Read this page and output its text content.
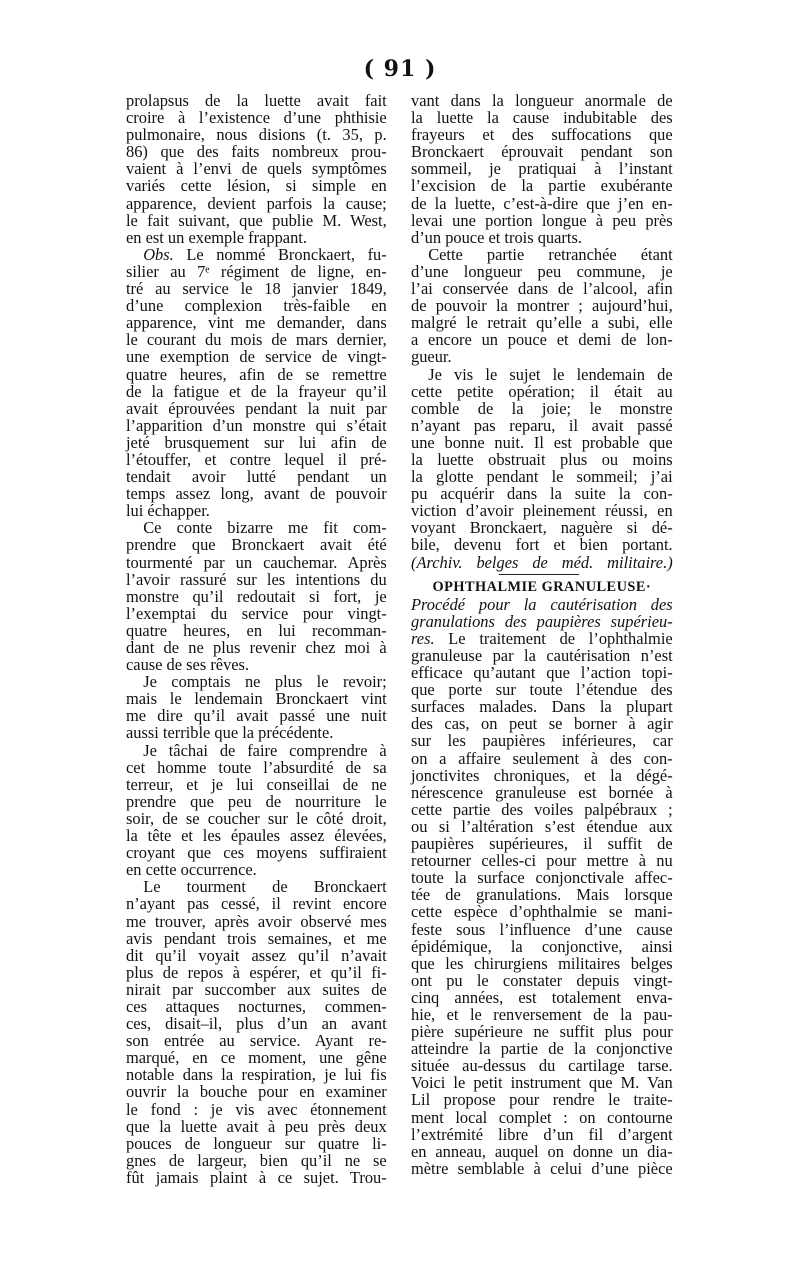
( 91 )
prolapsus de la luette avait fait
croire à l’existence d’une phthisie
pulmonaire, nous disions (t. 35, p.
86) que des faits nombreux prou-
vaient à l’envi de quels symptômes
variés cette lésion, si simple en
apparence, devient parfois la cause;
le fait suivant, que publie M. West,
en est un exemple frappant.
Obs. Le nommé Bronckaert, fu-
silier au 7ᵉ régiment de ligne, en-
tré au service le 18 janvier 1849,
d’une complexion très-faible en
apparence, vint me demander, dans
le courant du mois de mars dernier,
une exemption de service de vingt-
quatre heures, afin de se remettre
de la fatigue et de la frayeur qu’il
avait éprouvées pendant la nuit par
l’apparition d’un monstre qui s’était
jeté brusquement sur lui afin de
l’étouffer, et contre lequel il pré-
tendait avoir lutté pendant un
temps assez long, avant de pouvoir
lui échapper.
Ce conte bizarre me fit com-
prendre que Bronckaert avait été
tourmenté par un cauchemar. Après
l’avoir rassuré sur les intentions du
monstre qu’il redoutait si fort, je
l’exemptai du service pour vingt-
quatre heures, en lui recomman-
dant de ne plus revenir chez moi à
cause de ses rêves.
Je comptais ne plus le revoir;
mais le lendemain Bronckaert vint
me dire qu’il avait passé une nuit
aussi terrible que la précédente.
Je tâchai de faire comprendre à
cet homme toute l’absurdité de sa
terreur, et je lui conseillai de ne
prendre que peu de nourriture le
soir, de se coucher sur le côté droit,
la tête et les épaules assez élevées,
croyant que ces moyens suffiraient
en cette occurrence.
Le tourment de Bronckaert
n’ayant pas cessé, il revint encore
me trouver, après avoir observé mes
avis pendant trois semaines, et me
dit qu’il voyait assez qu’il n’avait
plus de repos à espérer, et qu’il fi-
nirait par succomber aux suites de
ces attaques nocturnes, commen-
ces, disait–il, plus d’un an avant
son entrée au service. Ayant re-
marqué, en ce moment, une gêne
notable dans la respiration, je lui fis
ouvrir la bouche pour en examiner
le fond : je vis avec étonnement
que la luette avait à peu près deux
pouces de longueur sur quatre li-
gnes de largeur, bien qu’il ne se
fût jamais plaint à ce sujet. Trou-
vant dans la longueur anormale de
la luette la cause indubitable des
frayeurs et des suffocations que
Bronckaert éprouvait pendant son
sommeil, je pratiquai à l’instant
l’excision de la partie exubérante
de la luette, c’est-à-dire que j’en en-
levai une portion longue à peu près
d’un pouce et trois quarts.
Cette partie retranchée étant
d’une longueur peu commune, je
l’ai conservée dans de l’alcool, afin
de pouvoir la montrer ; aujourd’hui,
malgré le retrait qu’elle a subi, elle
a encore un pouce et demi de lon-
gueur.
Je vis le sujet le lendemain de
cette petite opération; il était au
comble de la joie; le monstre
n’ayant pas reparu, il avait passé
une bonne nuit. Il est probable que
la luette obstruait plus ou moins
la glotte pendant le sommeil; j’ai
pu acquérir dans la suite la con-
viction d’avoir pleinement réussi, en
voyant Bronckaert, naguère si dé-
bile, devenu fort et bien portant.
(Archiv. belges de méd. militaire.)
OPHTHALMIE GRANULEUSE·
Procédé pour la cautérisation des
granulations des paupières supérieu-
res. Le traitement de l’ophthalmie
granuleuse par la cautérisation n’est
efficace qu’autant que l’action topi-
que porte sur toute l’étendue des
surfaces malades. Dans la plupart
des cas, on peut se borner à agir
sur les paupières inférieures, car
on a affaire seulement à des con-
jonctivites chroniques, et la dégé-
nérescence granuleuse est bornée à
cette partie des voiles palpébraux ;
ou si l’altération s’est étendue aux
paupières supérieures, il suffit de
retourner celles-ci pour mettre à nu
toute la surface conjonctivale affec-
tée de granulations. Mais lorsque
cette espèce d’ophthalmie se mani-
feste sous l’influence d’une cause
épidémique, la conjonctive, ainsi
que les chirurgiens militaires belges
ont pu le constater depuis vingt-
cinq années, est totalement enva-
hie, et le renversement de la pau-
pière supérieure ne suffit plus pour
atteindre la partie de la conjonctive
située au-dessus du cartilage tarse.
Voici le petit instrument que M. Van
Lil propose pour rendre le traite-
ment local complet : on contourne
l’extrémité libre d’un fil d’argent
en anneau, auquel on donne un dia-
mètre semblable à celui d’une pièce
